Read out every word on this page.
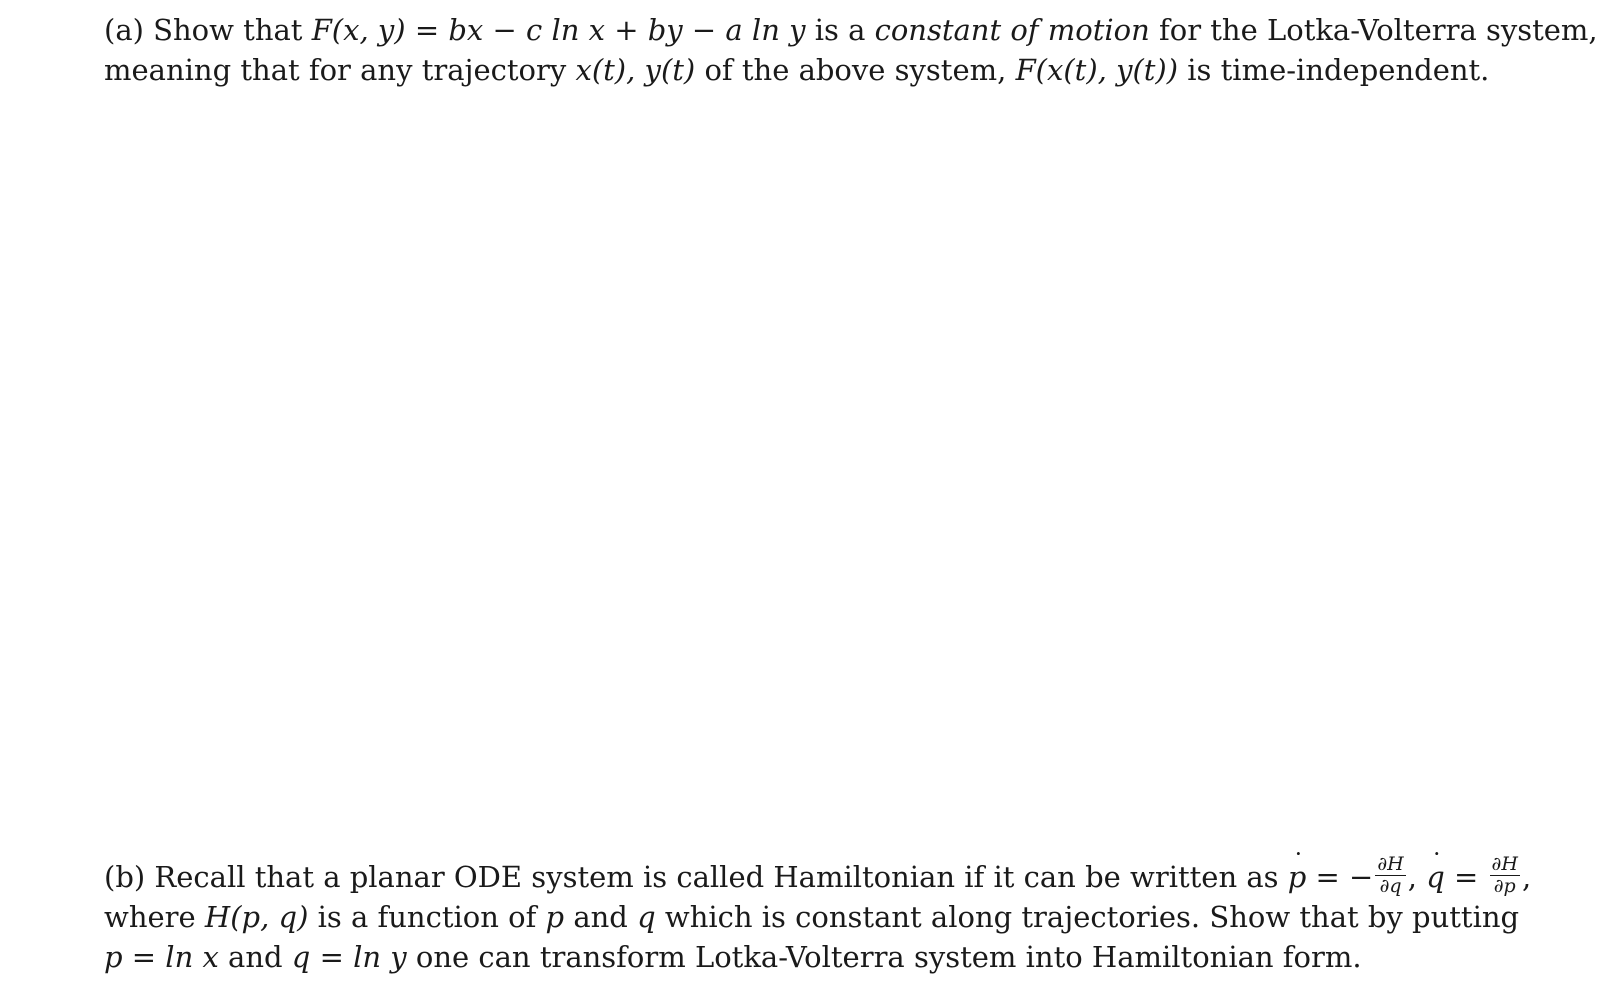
(a) Show that F(x, y) = bx − c ln x + by − a ln y is a constant of motion for the Lotka-Volterra system,
meaning that for any trajectory x(t), y(t) of the above system, F(x(t), y(t)) is time-independent.
(b) Recall that a planar ODE system is called Hamiltonian if it can be written as p ˙ = − $\frac{\partial H}{\partial q}$ , q ˙ = $\frac{\partial H}{\partial p}$ ,
where H(p, q) is a function of p and q which is constant along trajectories. Show that by putting
p = ln x and q = ln y one can transform Lotka-Volterra system into Hamiltonian form.
